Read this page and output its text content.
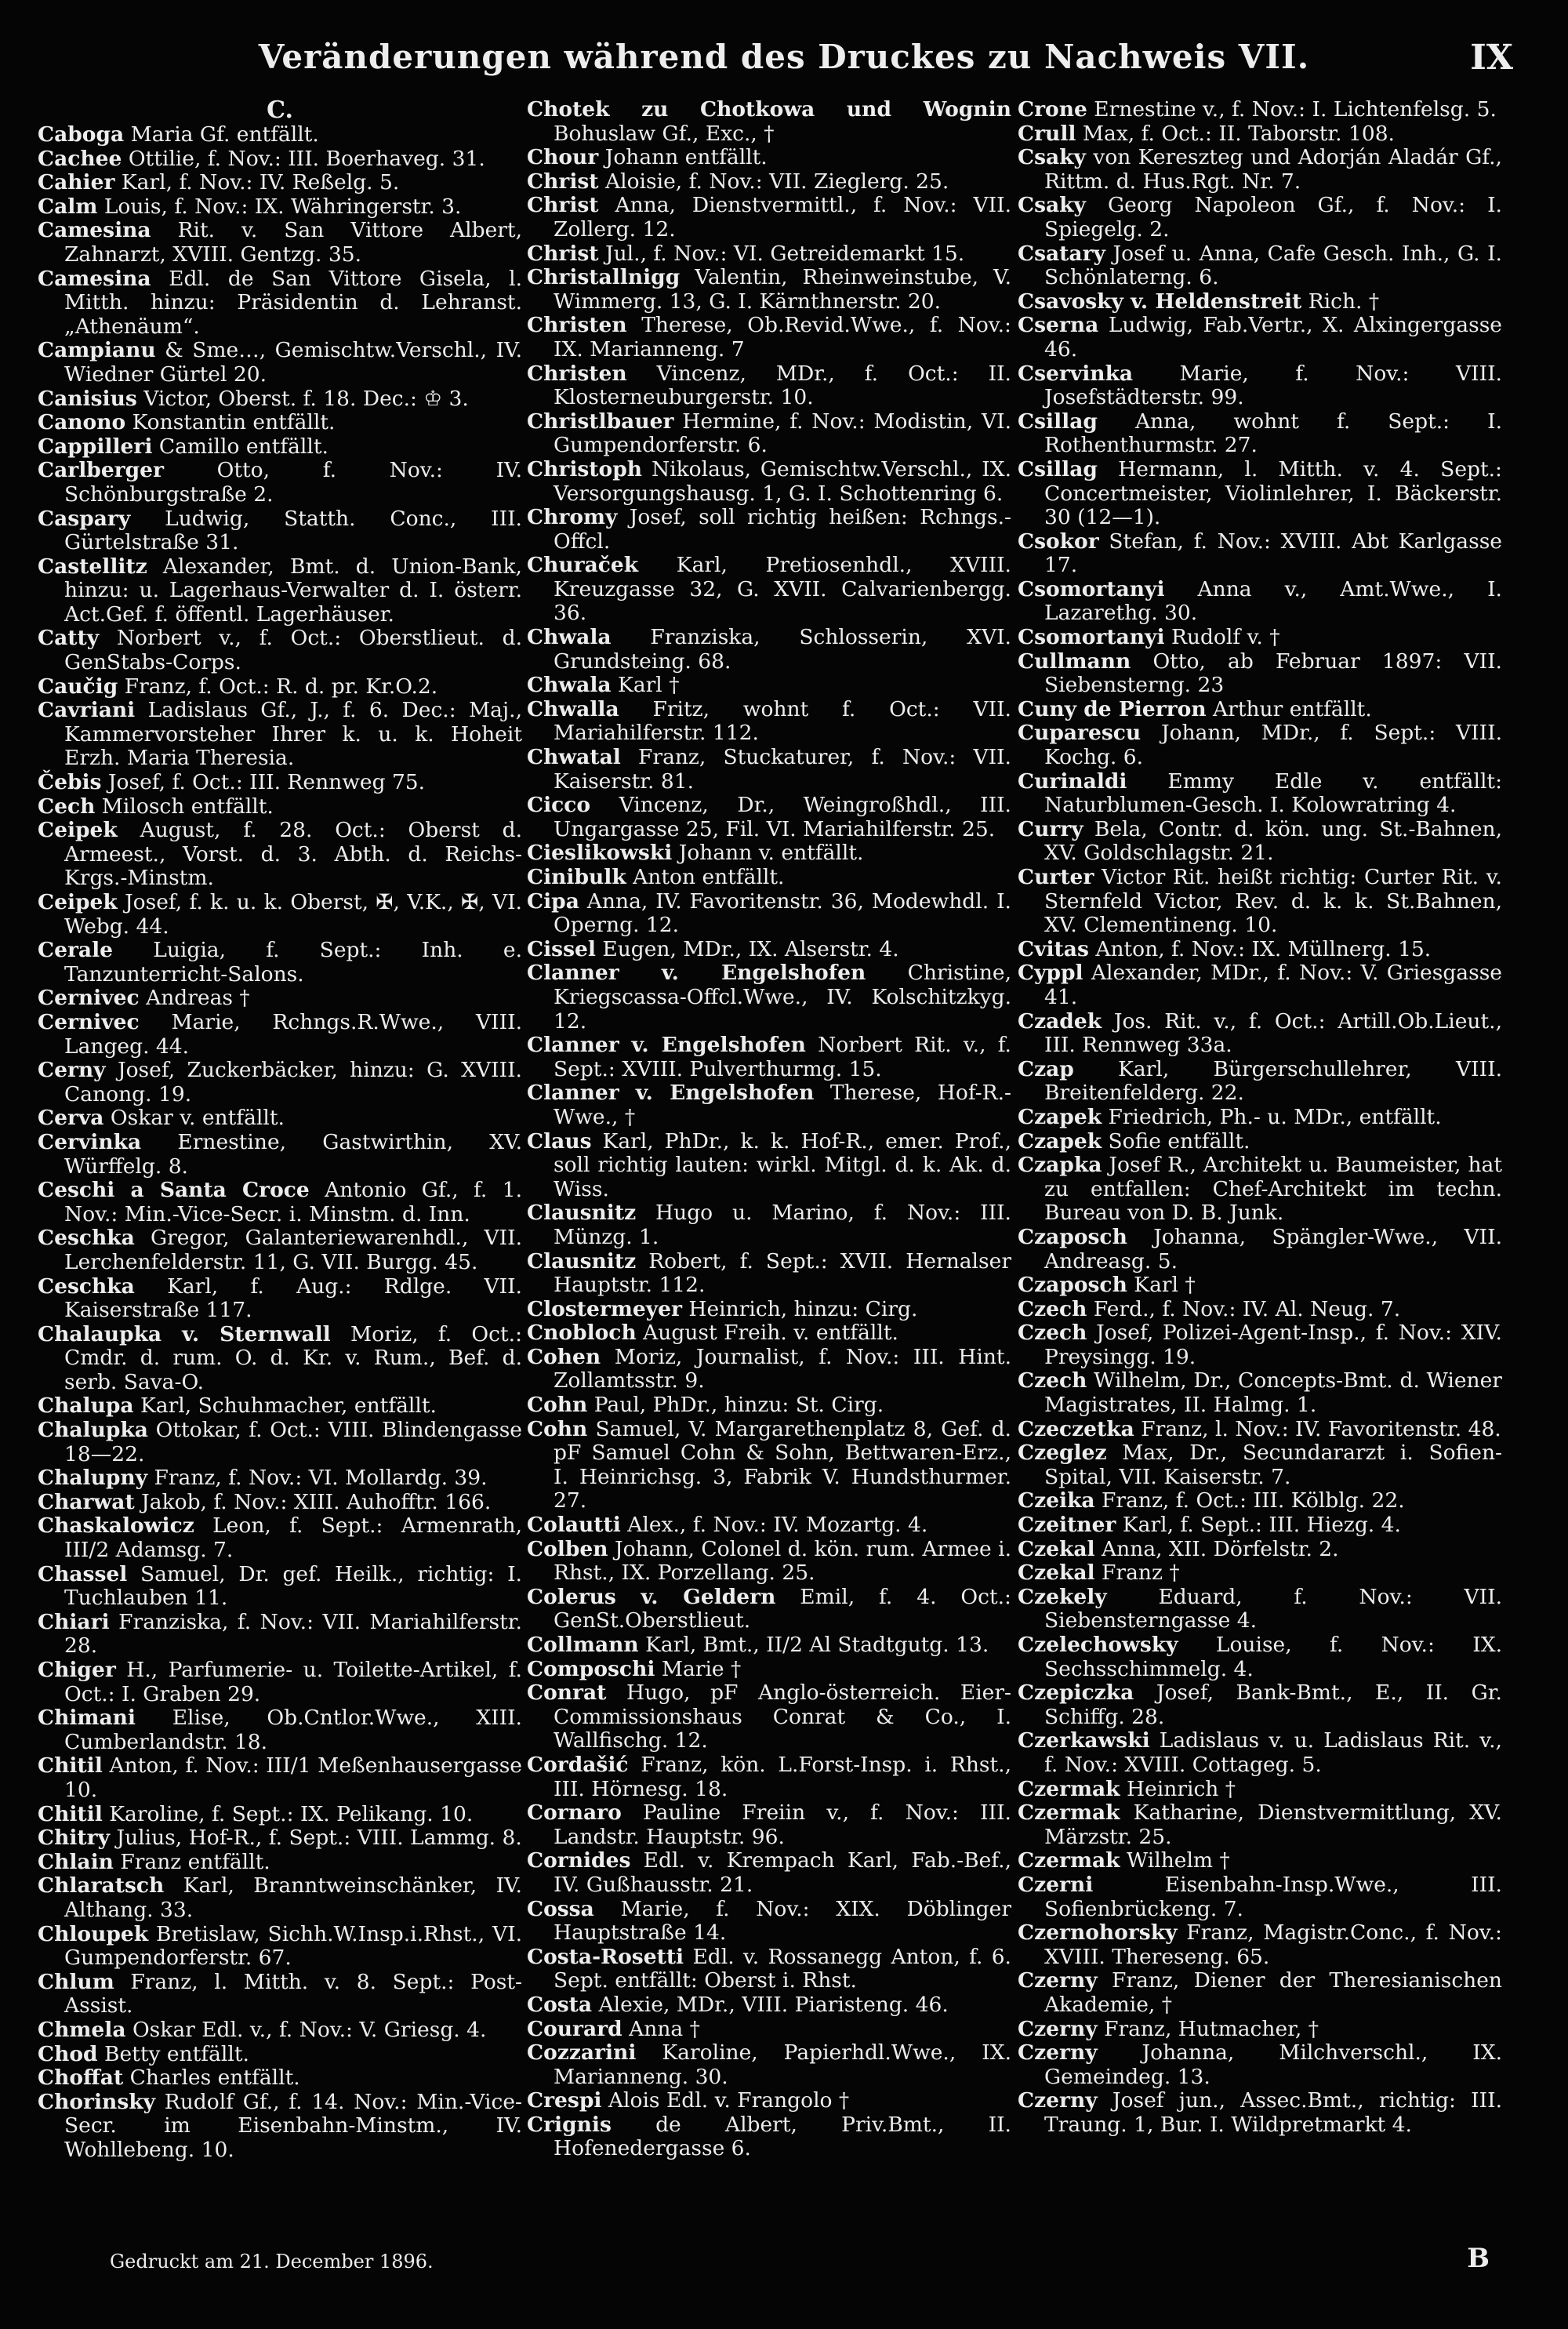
Veränderungen während des Druckes zu Nachweis VII.	IX
C.

Caboga Maria Gf. entfällt.

Cachee Ottilie, f. Nov.: III. Boerhaveg. 31.

Cahier Karl, f. Nov.: IV. Reßelg. 5.

Calm Louis, f. Nov.: IX. Währingerstr. 3.

Camesina Rit. v. San Vittore Albert, Zahnarzt, XVIII. Gentzg. 35.

Camesina Edl. de San Vittore Gisela, l. Mitth. hinzu: Präsidentin d. Lehranst. „Athenäum“.

Campianu & Sme…, Gemischtw.Verschl., IV. Wiedner Gürtel 20.

Canisius Victor, Oberst. f. 18. Dec.: ♔ 3.

Canono Konstantin entfällt.

Cappilleri Camillo entfällt.

Carlberger	Otto, f. Nov.: IV. Schönburgstraße 2.

Caspary Ludwig, Statth. Conc., III. Gürtelstraße 31.

Castellitz Alexander, Bmt. d. Union-Bank, hinzu: u. Lagerhaus-Verwalter d. I. österr. Act.Gef. f. öffentl. Lagerhäuser.

Catty Norbert v., f. Oct.: Oberstlieut. d. GenStabs-Corps.

Caučig Franz, f. Oct.: R. d. pr. Kr.O.2.

Cavriani Ladislaus Gf., J., f. 6. Dec.: Maj., Kammervorsteher Ihrer k. u. k. Hoheit Erzh. Maria Theresia.

Čebis Josef, f. Oct.: III. Rennweg 75.

Cech Milosch entfällt.

Ceipek August, f. 28. Oct.: Oberst d. Armeest., Vorst. d. 3. Abth. d. Reichs-Krgs.-Minstm.

Ceipek Josef, f. k. u. k. Oberst, ✠, V.K., ✠, VI. Webg. 44.

Cerale Luigia, f. Sept.: Inh. e. Tanzunterricht-Salons.

Cernivec Andreas †

Cernivec Marie, Rchngs.R.Wwe., VIII. Langeg. 44.

Cerny Josef, Zuckerbäcker, hinzu: G. XVIII. Canong. 19.

Cerva Oskar v. entfällt.

Cervinka Ernestine, Gastwirthin, XV. Würffelg. 8.

Ceschi a Santa Croce Antonio Gf., f. 1. Nov.: Min.-Vice-Secr. i. Minstm. d. Inn.

Ceschka Gregor, Galanteriewarenhdl., VII. Lerchenfelderstr. 11, G. VII. Burgg. 45.

Ceschka Karl, f. Aug.: Rdlge. VII. Kaiserstraße 117.

Chalaupka v. Sternwall Moriz, f. Oct.: Cmdr. d. rum. O. d. Kr. v. Rum., Bef. d. serb. Sava-O.

Chalupa Karl, Schuhmacher, entfällt.

Chalupka Ottokar, f. Oct.: VIII. Blindengasse 18—22.

Chalupny Franz, f. Nov.: VI. Mollardg. 39.

Charwat Jakob, f. Nov.: XIII. Auhofftr. 166.

Chaskalowicz Leon, f. Sept.: Armenrath, III/2 Adamsg. 7.

Chassel Samuel, Dr. gef. Heilk., richtig: I. Tuchlauben 11.

Chiari Franziska, f. Nov.: VII. Mariahilferstr. 28.

Chiger H., Parfumerie- u. Toilette-Artikel, f. Oct.: I. Graben 29.

Chimani Elise, Ob.Cntlor.Wwe., XIII. Cumberlandstr. 18.

Chitil Anton, f. Nov.: III/1 Meßenhausergasse 10.

Chitil Karoline, f. Sept.: IX. Pelikang. 10.

Chitry Julius, Hof-R., f. Sept.: VIII. Lammg. 8.

Chlain Franz entfällt.

Chlaratsch Karl, Branntweinschänker, IV. Althang. 33.

Chloupek Bretislaw, Sichh.W.Insp.i.Rhst., VI. Gumpendorferstr. 67.

Chlum Franz, l. Mitth. v. 8. Sept.: Post-Assist.

Chmela Oskar Edl. v., f. Nov.: V. Griesg. 4.

Chod Betty entfällt.

Choffat Charles entfällt.

Chorinsky Rudolf Gf., f. 14. Nov.: Min.-Vice-Secr. im Eisenbahn-Minstm., IV. Wohllebeng. 10.

Chotek zu Chotkowa und Wognin Bohuslaw Gf., Exc., †

Chour Johann entfällt.

Christ Aloisie, f. Nov.: VII. Zieglerg. 25.

Christ Anna, Dienstvermittl., f. Nov.: VII. Zollerg. 12.

Christ Jul., f. Nov.: VI. Getreidemarkt 15.

Christallnigg Valentin, Rheinweinstube, V. Wimmerg. 13, G. I. Kärnthnerstr. 20.

Christen Therese, Ob.Revid.Wwe., f. Nov.: IX. Marianneng. 7

Christen Vincenz, MDr., f. Oct.: II. Klosterneuburgerstr. 10.

Christlbauer Hermine, f. Nov.: Modistin, VI. Gumpendorferstr. 6.

Christoph Nikolaus, Gemischtw.Verschl., IX. Versorgungshausg. 1, G. I. Schottenring 6.

Chromy Josef, soll richtig heißen: Rchngs.-Offcl.

Churaček Karl, Pretiosenhdl., XVIII. Kreuzgasse 32, G. XVII. Calvarienbergg. 36.

Chwala Franziska, Schlosserin, XVI. Grundsteing. 68.

Chwala Karl †

Chwalla Fritz, wohnt f. Oct.: VII. Mariahilferstr. 112.

Chwatal Franz, Stuckaturer, f. Nov.: VII. Kaiserstr. 81.

Cicco Vincenz, Dr., Weingroßhdl., III. Ungargasse 25, Fil. VI. Mariahilferstr. 25.

Cieslikowski Johann v. entfällt.

Cinibulk Anton entfällt.

Cipa Anna, IV. Favoritenstr. 36, Modewhdl. I. Operng. 12.

Cissel Eugen, MDr., IX. Alserstr. 4.

Clanner v. Engelshofen Christine, Kriegscassa-Offcl.Wwe., IV. Kolschitzkyg. 12.

Clanner v. Engelshofen Norbert Rit. v., f. Sept.: XVIII. Pulverthurmg. 15.

Clanner v. Engelshofen Therese, Hof-R.-Wwe., †

Claus Karl, PhDr., k. k. Hof-R., emer. Prof., soll richtig lauten: wirkl. Mitgl. d. k. Ak. d. Wiss.

Clausnitz Hugo u. Marino, f. Nov.: III. Münzg. 1.

Clausnitz Robert, f. Sept.: XVII. Hernalser Hauptstr. 112.

Clostermeyer Heinrich, hinzu: Cirg.

Cnobloch August Freih. v. entfällt.

Cohen Moriz, Journalist, f. Nov.: III. Hint. Zollamtsstr. 9.

Cohn Paul, PhDr., hinzu: St. Cirg.

Cohn Samuel, V. Margarethenplatz 8, Gef. d. pF Samuel Cohn & Sohn, Bettwaren-Erz., I. Heinrichsg. 3, Fabrik V. Hundsthurmer. 27.

Colautti Alex., f. Nov.: IV. Mozartg. 4.

Colben Johann, Colonel d. kön. rum. Armee i. Rhst., IX. Porzellang. 25.

Colerus v. Geldern Emil, f. 4. Oct.: GenSt.Oberstlieut.

Collmann Karl, Bmt., II/2 Al Stadtgutg. 13.

Composchi Marie †

Conrat Hugo, pF Anglo-österreich. Eier-Commissionshaus Conrat & Co., I. Wallfischg. 12.

Cordašić Franz, kön. L.Forst-Insp. i. Rhst., III. Hörnesg. 18.

Cornaro Pauline Freiin v., f. Nov.: III. Landstr. Hauptstr. 96.

Cornides Edl. v. Krempach Karl, Fab.-Bef., IV. Gußhausstr. 21.

Cossa Marie, f. Nov.: XIX. Döblinger Hauptstraße 14.

Costa-Rosetti Edl. v. Rossanegg Anton, f. 6. Sept. entfällt: Oberst i. Rhst.

Costa Alexie, MDr., VIII. Piaristeng. 46.

Courard Anna †

Cozzarini Karoline, Papierhdl.Wwe., IX. Marianneng. 30.

Crespi Alois Edl. v. Frangolo †

Crignis de Albert, Priv.Bmt., II. Hofenedergasse 6.

Crone Ernestine v., f. Nov.: I. Lichtenfelsg. 5.

Crull Max, f. Oct.: II. Taborstr. 108.

Csaky von Kereszteg und Adorján Aladár Gf., Rittm. d. Hus.Rgt. Nr. 7.

Csaky Georg Napoleon Gf., f. Nov.: I. Spiegelg. 2.

Csatary Josef u. Anna, Cafe Gesch. Inh., G. I. Schönlaterng. 6.

Csavosky v. Heldenstreit Rich. †

Cserna Ludwig, Fab.Vertr., X. Alxingergasse 46.

Cservinka Marie, f. Nov.: VIII. Josefstädterstr. 99.

Csillag Anna, wohnt f. Sept.: I. Rothenthurmstr. 27.

Csillag Hermann, l. Mitth. v. 4. Sept.: Concertmeister, Violinlehrer, I. Bäckerstr. 30 (12—1).

Csokor Stefan, f. Nov.: XVIII. Abt Karlgasse 17.

Csomortanyi Anna v., Amt.Wwe., I. Lazarethg. 30.

Csomortanyi Rudolf v. †

Cullmann Otto, ab Februar 1897: VII. Siebensterng. 23

Cuny de Pierron Arthur entfällt.

Cuparescu Johann, MDr., f. Sept.: VIII. Kochg. 6.

Curinaldi Emmy Edle v. entfällt: Naturblumen-Gesch. I. Kolowratring 4.

Curry Bela, Contr. d. kön. ung. St.-Bahnen, XV. Goldschlagstr. 21.

Curter Victor Rit. heißt richtig: Curter Rit. v. Sternfeld Victor, Rev. d. k. k. St.Bahnen, XV. Clementineng. 10.

Cvitas Anton, f. Nov.: IX. Müllnerg. 15.

Cyppl Alexander, MDr., f. Nov.: V. Griesgasse 41.

Czadek Jos. Rit. v., f. Oct.: Artill.Ob.Lieut., III. Rennweg 33a.

Czap Karl, Bürgerschullehrer, VIII. Breitenfelderg. 22.

Czapek Friedrich, Ph.- u. MDr., entfällt.

Czapek Sofie entfällt.

Czapka Josef R., Architekt u. Baumeister, hat zu entfallen: Chef-Architekt im techn. Bureau von D. B. Junk.

Czaposch Johanna, Spängler-Wwe., VII. Andreasg. 5.

Czaposch Karl †

Czech Ferd., f. Nov.: IV. Al. Neug. 7.

Czech Josef, Polizei-Agent-Insp., f. Nov.: XIV. Preysingg. 19.

Czech Wilhelm, Dr., Concepts-Bmt. d. Wiener Magistrates, II. Halmg. 1.

Czeczetka Franz, l. Nov.: IV. Favoritenstr. 48.

Czeglez Max, Dr., Secundararzt i. Sofien-Spital, VII. Kaiserstr. 7.

Czeika Franz, f. Oct.: III. Kölblg. 22.

Czeitner Karl, f. Sept.: III. Hiezg. 4.

Czekal Anna, XII. Dörfelstr. 2.

Czekal Franz †

Czekely Eduard, f. Nov.: VII. Siebensterngasse 4.

Czelechowsky Louise, f. Nov.: IX. Sechsschimmelg. 4.

Czepiczka Josef, Bank-Bmt., E., II. Gr. Schiffg. 28.

Czerkawski Ladislaus v. u. Ladislaus Rit. v., f. Nov.: XVIII. Cottageg. 5.

Czermak Heinrich †

Czermak Katharine, Dienstvermittlung, XV. Märzstr. 25.

Czermak Wilhelm †

Czerni	Eisenbahn-Insp.Wwe., III. Sofienbrückeng. 7.

Czernohorsky Franz, Magistr.Conc., f. Nov.: XVIII. Thereseng. 65.

Czerny Franz, Diener der Theresianischen Akademie, †

Czerny Franz, Hutmacher, †

Czerny Johanna, Milchverschl., IX. Gemeindeg. 13.

Czerny Josef jun., Assec.Bmt., richtig: III. Traung. 1, Bur. I. Wildpretmarkt 4.

Gedruckt am 21. December 1896.	B
